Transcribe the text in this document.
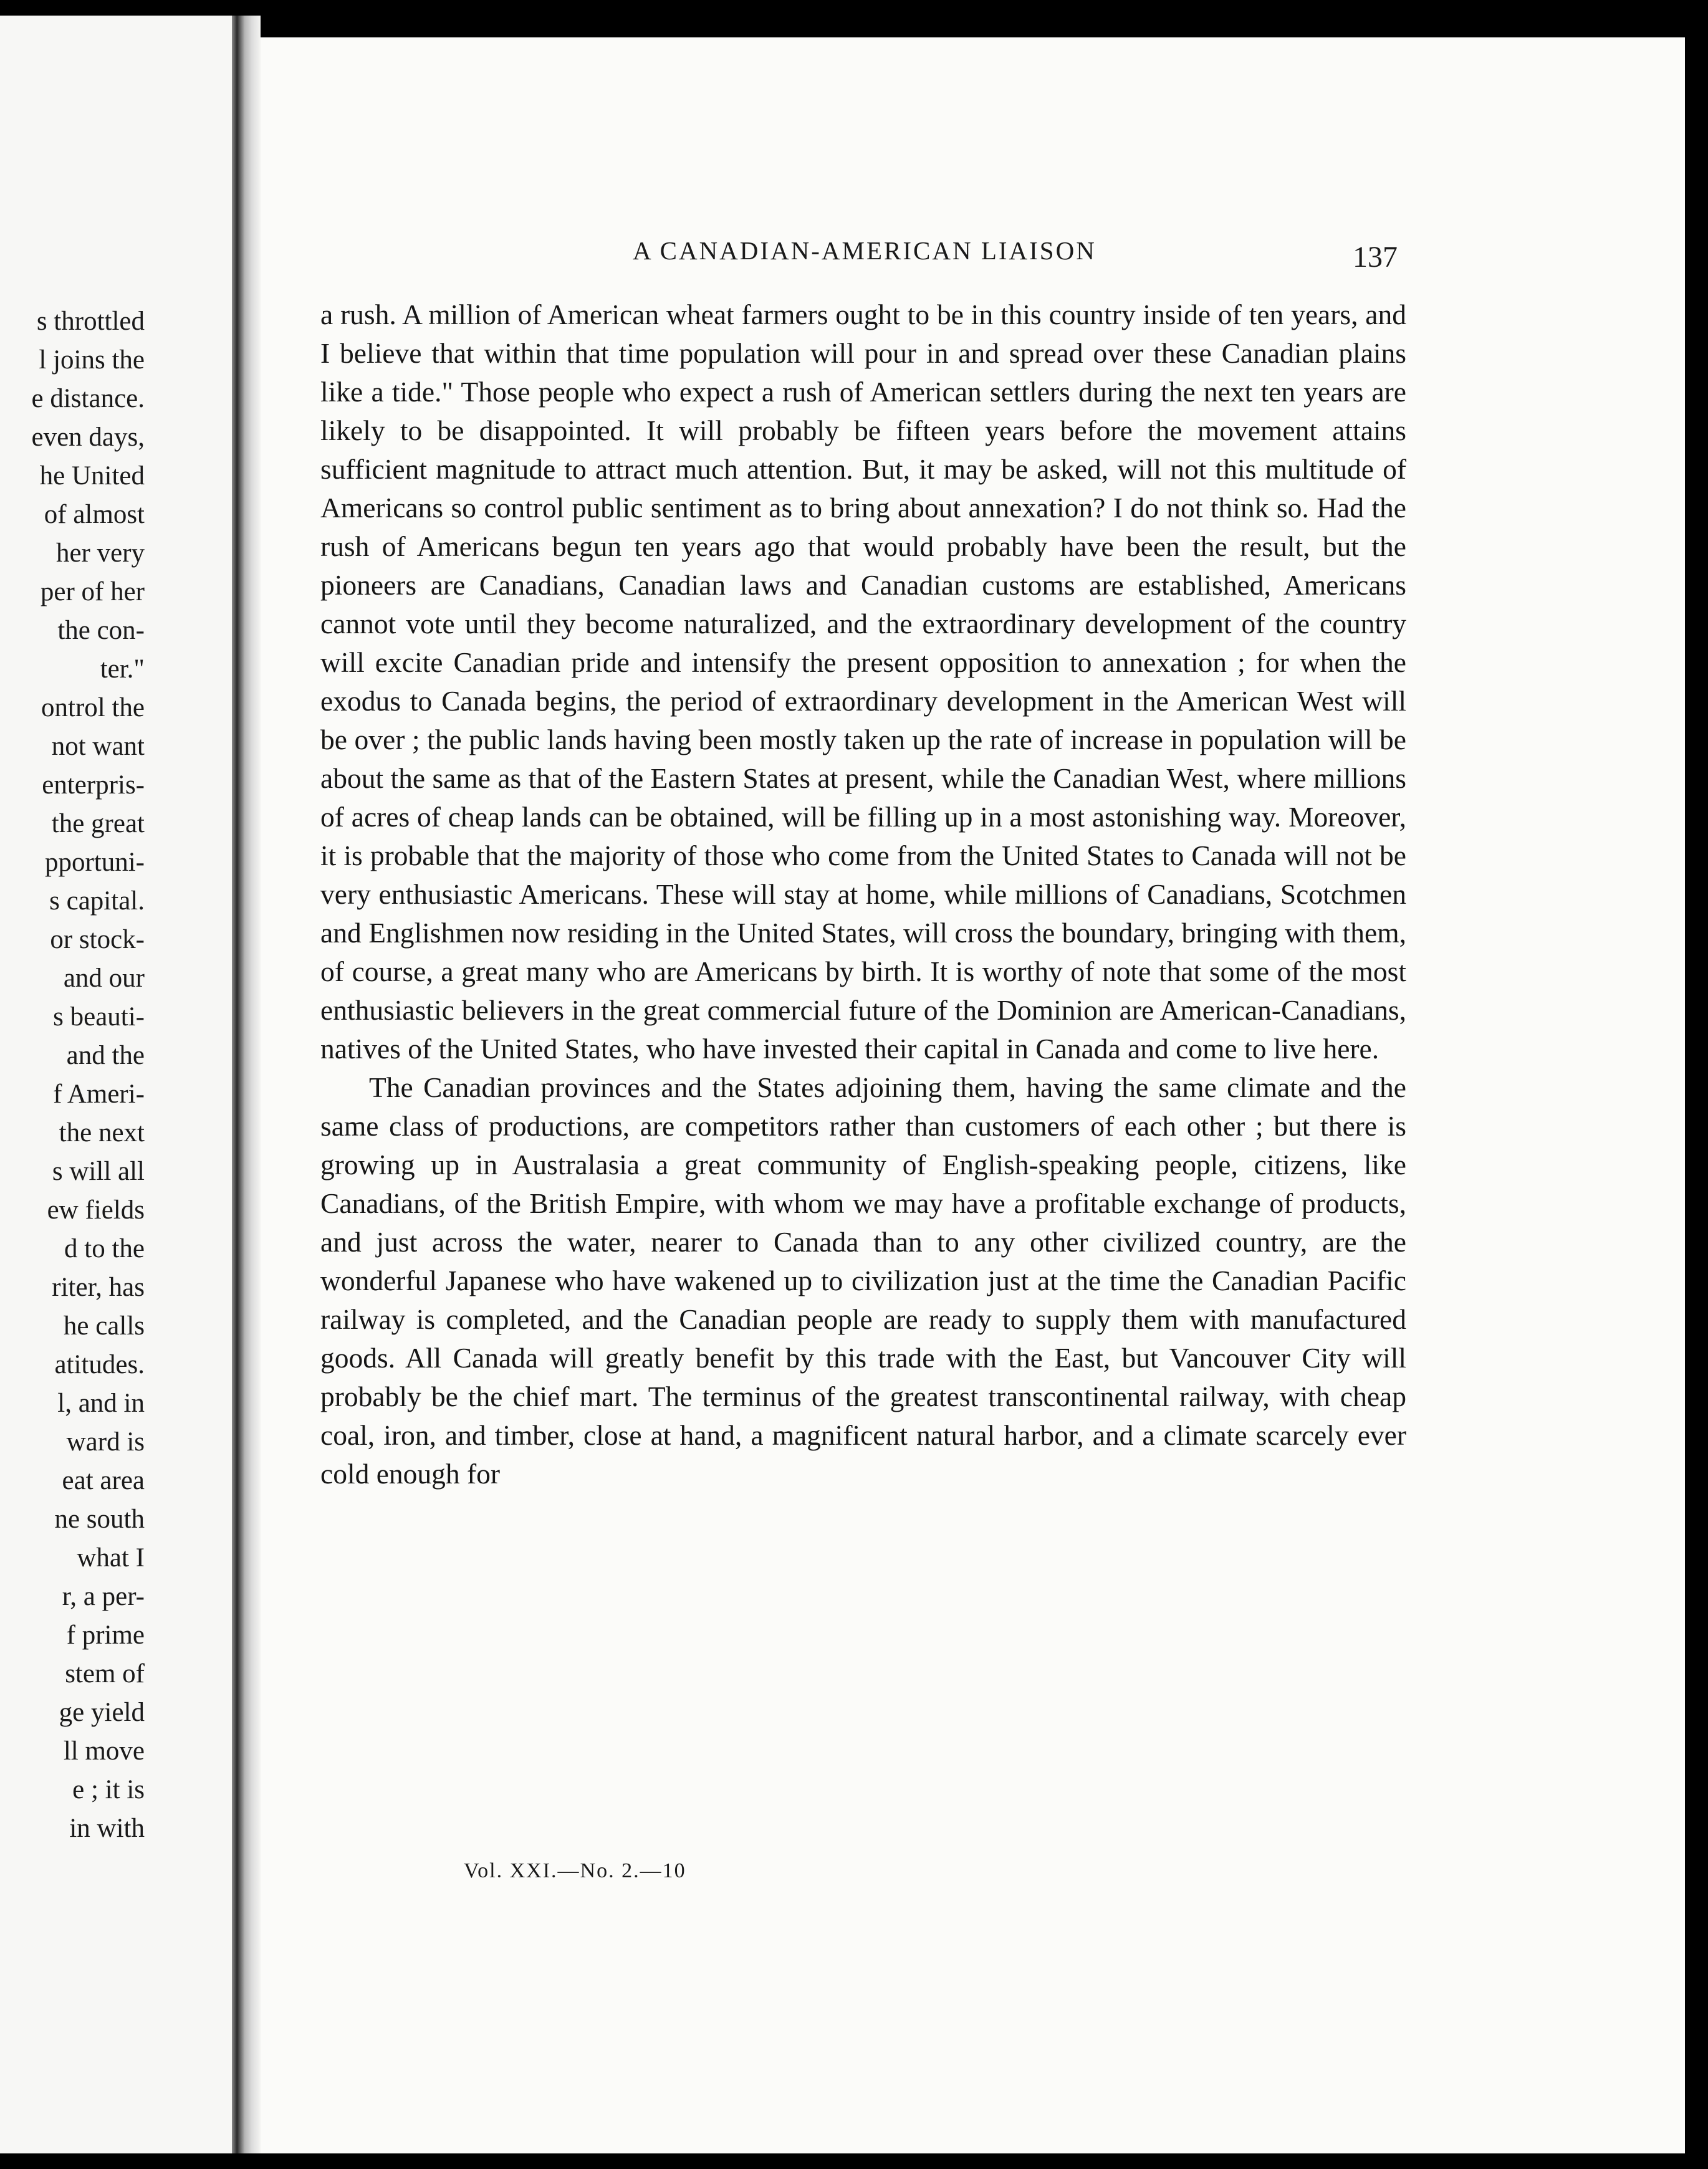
s throttled
l joins the
e distance.
even days,
he United
of almost
her very
per of her
the con-
ter."
ontrol the
not want
enterpris-
the great
pportuni-
s capital.
or stock-
and our
s beauti-
and the
f Ameri-
the next
s will all
ew fields
d to the
riter, has
he calls
atitudes.
l, and in
ward is
eat area
ne south
what I
r, a per-
f prime
stem of
ge yield
ll move
e ; it is
in with
A CANADIAN-AMERICAN LIAISON	137

a rush. A million of American wheat farmers ought to be in this country inside of ten years, and I believe that within that time population will pour in and spread over these Canadian plains like a tide." Those people who expect a rush of American settlers during the next ten years are likely to be disappointed. It will probably be fifteen years before the movement attains sufficient magnitude to attract much attention. But, it may be asked, will not this multitude of Americans so control public sentiment as to bring about annexation? I do not think so. Had the rush of Americans begun ten years ago that would probably have been the result, but the pioneers are Canadians, Canadian laws and Canadian customs are established, Americans cannot vote until they become naturalized, and the extraordinary development of the country will excite Canadian pride and intensify the present opposition to annexation ; for when the exodus to Canada begins, the period of extraordinary development in the American West will be over ; the public lands having been mostly taken up the rate of increase in population will be about the same as that of the Eastern States at present, while the Canadian West, where millions of acres of cheap lands can be obtained, will be filling up in a most astonishing way. Moreover, it is probable that the majority of those who come from the United States to Canada will not be very enthusiastic Americans. These will stay at home, while millions of Canadians, Scotchmen and Englishmen now residing in the United States, will cross the boundary, bringing with them, of course, a great many who are Americans by birth. It is worthy of note that some of the most enthusiastic believers in the great commercial future of the Dominion are American-Canadians, natives of the United States, who have invested their capital in Canada and come to live here.

The Canadian provinces and the States adjoining them, having the same climate and the same class of productions, are competitors rather than customers of each other ; but there is growing up in Australasia a great community of English-speaking people, citizens, like Canadians, of the British Empire, with whom we may have a profitable exchange of products, and just across the water, nearer to Canada than to any other civilized country, are the wonderful Japanese who have wakened up to civilization just at the time the Canadian Pacific railway is completed, and the Canadian people are ready to supply them with manufactured goods. All Canada will greatly benefit by this trade with the East, but Vancouver City will probably be the chief mart. The terminus of the greatest transcontinental railway, with cheap coal, iron, and timber, close at hand, a magnificent natural harbor, and a climate scarcely ever cold enough for

Vol. XXI.—No. 2.—10
